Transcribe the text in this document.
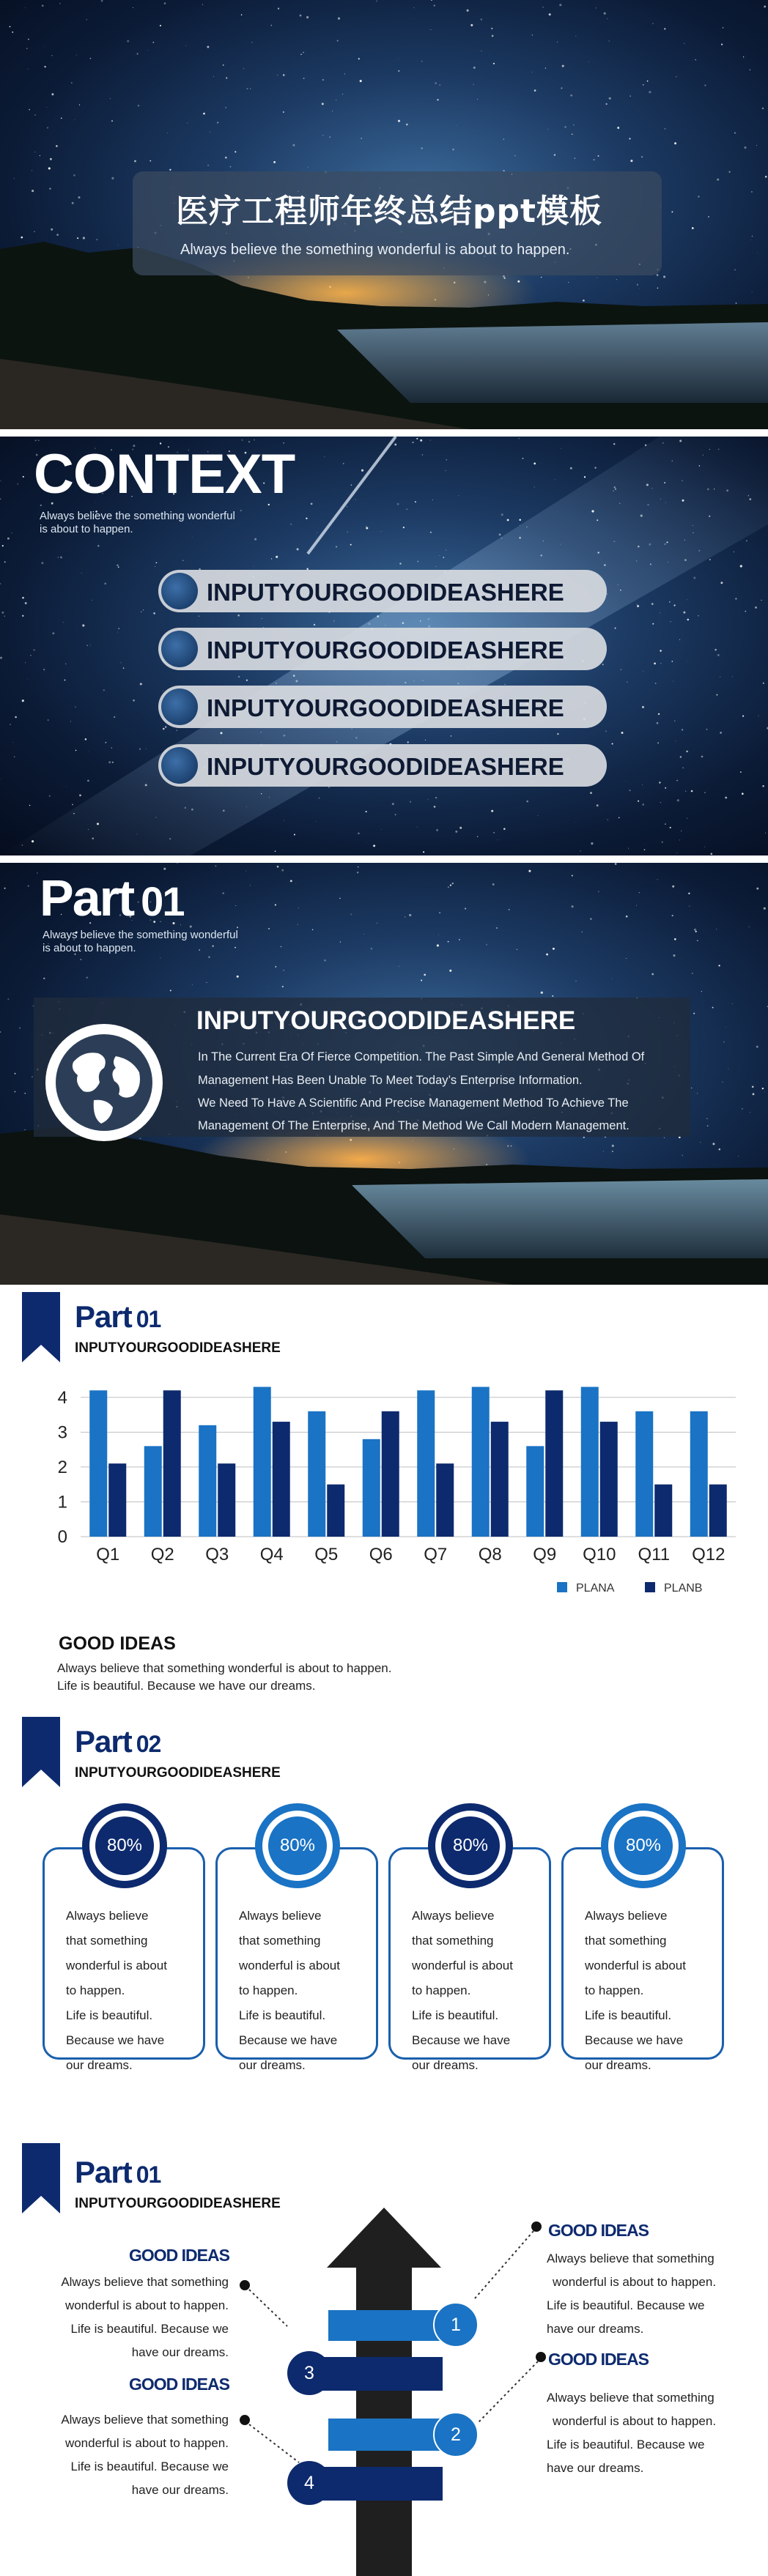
医疗工程师年终总结ppt模板
Always believe the something wonderful is about to happen.
CONTEXT
Always believe the something wonderful
is about to happen.
INPUTYOURGOODIDEASHERE
INPUTYOURGOODIDEASHERE
INPUTYOURGOODIDEASHERE
INPUTYOURGOODIDEASHERE
Part 01
Always believe the something wonderful
is about to happen.
INPUTYOURGOODIDEASHERE
In The Current Era Of Fierce Competition. The Past Simple And General Method Of
Management Has Been Unable To Meet Today’s Enterprise Information.
We Need To Have A Scientific And Precise Management Method To Achieve The
Management Of The Enterprise, And The Method We Call Modern Management.
Part 01
INPUTYOURGOODIDEASHERE
0
1
2
3
4
Q1 Q2 Q3 Q4 Q5 Q6 Q7 Q8 Q9 Q10 Q11 Q12
PLANA	PLANB
GOOD IDEAS
Always believe that something wonderful is about to happen.
Life is beautiful. Because we have our dreams.
Part 02
INPUTYOURGOODIDEASHERE
80%
Always believe
that something
wonderful is about
to happen.
Life is beautiful.
Because we have
our dreams.
80%
Always believe
that something
wonderful is about
to happen.
Life is beautiful.
Because we have
our dreams.
80%
Always believe
that something
wonderful is about
to happen.
Life is beautiful.
Because we have
our dreams.
80%
Always believe
that something
wonderful is about
to happen.
Life is beautiful.
Because we have
our dreams.
Part 01
INPUTYOURGOODIDEASHERE
1
3
2
4
GOOD IDEAS
Always believe that something
wonderful is about to happen.
Life is beautiful. Because we
have our dreams.
GOOD IDEAS
Always believe that something
wonderful is about to happen.
Life is beautiful. Because we
have our dreams.
GOOD IDEAS
Always believe that something
wonderful is about to happen.
Life is beautiful. Because we
have our dreams.
GOOD IDEAS
Always believe that something
wonderful is about to happen.
Life is beautiful. Because we
have our dreams.
